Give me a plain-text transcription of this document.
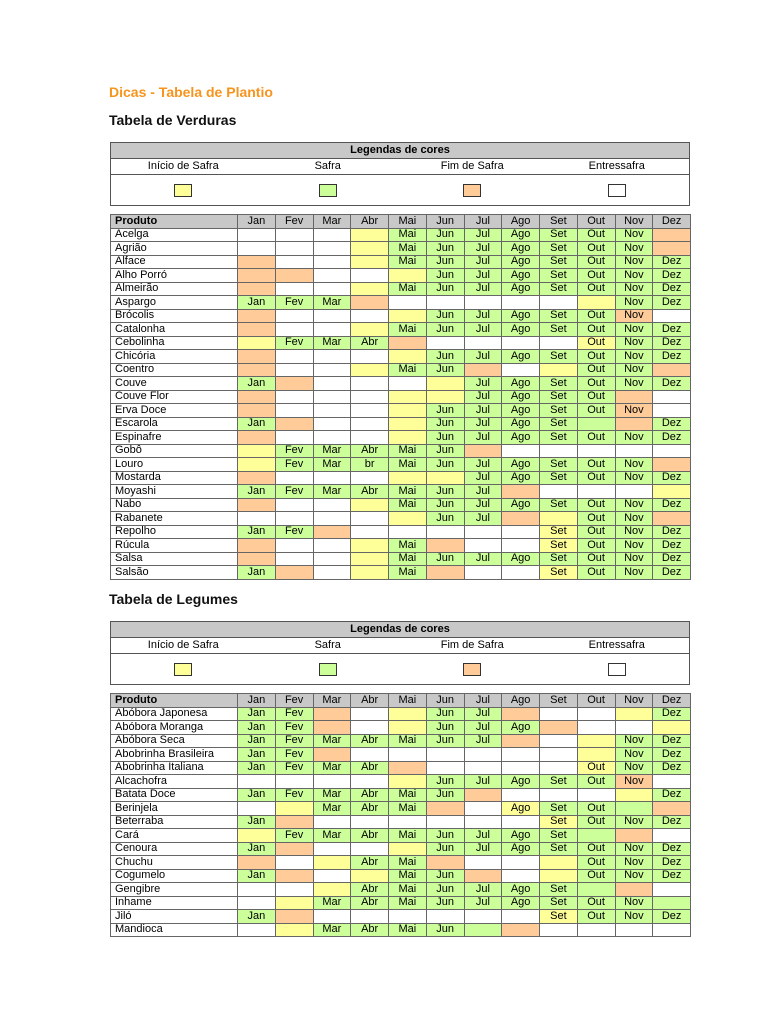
Dicas - Tabela de Plantio
Tabela de Verduras
Legendas de cores
Início de Safra	Safra	Fim de Safra	Entressafra
Produto	Jan	Fev	Mar	Abr	Mai	Jun	Jul	Ago	Set	Out	Nov	Dez
Acelga					Mai	Jun	Jul	Ago	Set	Out	Nov	
Agrião					Mai	Jun	Jul	Ago	Set	Out	Nov	
Alface					Mai	Jun	Jul	Ago	Set	Out	Nov	Dez
Alho Porró						Jun	Jul	Ago	Set	Out	Nov	Dez
Almeirão					Mai	Jun	Jul	Ago	Set	Out	Nov	Dez
Aspargo	Jan	Fev	Mar								Nov	Dez
Brócolis						Jun	Jul	Ago	Set	Out	Nov	
Catalonha					Mai	Jun	Jul	Ago	Set	Out	Nov	Dez
Cebolinha		Fev	Mar	Abr						Out	Nov	Dez
Chicória						Jun	Jul	Ago	Set	Out	Nov	Dez
Coentro					Mai	Jun				Out	Nov	
Couve	Jan						Jul	Ago	Set	Out	Nov	Dez
Couve Flor							Jul	Ago	Set	Out		
Erva Doce						Jun	Jul	Ago	Set	Out	Nov	
Escarola	Jan					Jun	Jul	Ago	Set			Dez
Espinafre						Jun	Jul	Ago	Set	Out	Nov	Dez
Gobô		Fev	Mar	Abr	Mai	Jun						
Louro		Fev	Mar	br	Mai	Jun	Jul	Ago	Set	Out	Nov	
Mostarda							Jul	Ago	Set	Out	Nov	Dez
Moyashi	Jan	Fev	Mar	Abr	Mai	Jun	Jul					
Nabo					Mai	Jun	Jul	Ago	Set	Out	Nov	Dez
Rabanete						Jun	Jul			Out	Nov	
Repolho	Jan	Fev							Set	Out	Nov	Dez
Rúcula					Mai				Set	Out	Nov	Dez
Salsa					Mai	Jun	Jul	Ago	Set	Out	Nov	Dez
Salsão	Jan				Mai				Set	Out	Nov	Dez
Tabela de Legumes
Legendas de cores
Início de Safra	Safra	Fim de Safra	Entressafra
Produto	Jan	Fev	Mar	Abr	Mai	Jun	Jul	Ago	Set	Out	Nov	Dez
Abóbora Japonesa	Jan	Fev				Jun	Jul					Dez
Abóbora Moranga	Jan	Fev				Jun	Jul	Ago				
Abóbora Seca	Jan	Fev	Mar	Abr	Mai	Jun	Jul				Nov	Dez
Abobrinha Brasileira	Jan	Fev									Nov	Dez
Abobrinha Italiana	Jan	Fev	Mar	Abr						Out	Nov	Dez
Alcachofra						Jun	Jul	Ago	Set	Out	Nov	
Batata Doce	Jan	Fev	Mar	Abr	Mai	Jun						Dez
Berinjela			Mar	Abr	Mai			Ago	Set	Out		
Beterraba	Jan								Set	Out	Nov	Dez
Cará		Fev	Mar	Abr	Mai	Jun	Jul	Ago	Set			
Cenoura	Jan					Jun	Jul	Ago	Set	Out	Nov	Dez
Chuchu				Abr	Mai					Out	Nov	Dez
Cogumelo	Jan				Mai	Jun				Out	Nov	Dez
Gengibre				Abr	Mai	Jun	Jul	Ago	Set			
Inhame			Mar	Abr	Mai	Jun	Jul	Ago	Set	Out	Nov	
Jiló	Jan								Set	Out	Nov	Dez
Mandioca			Mar	Abr	Mai	Jun						
